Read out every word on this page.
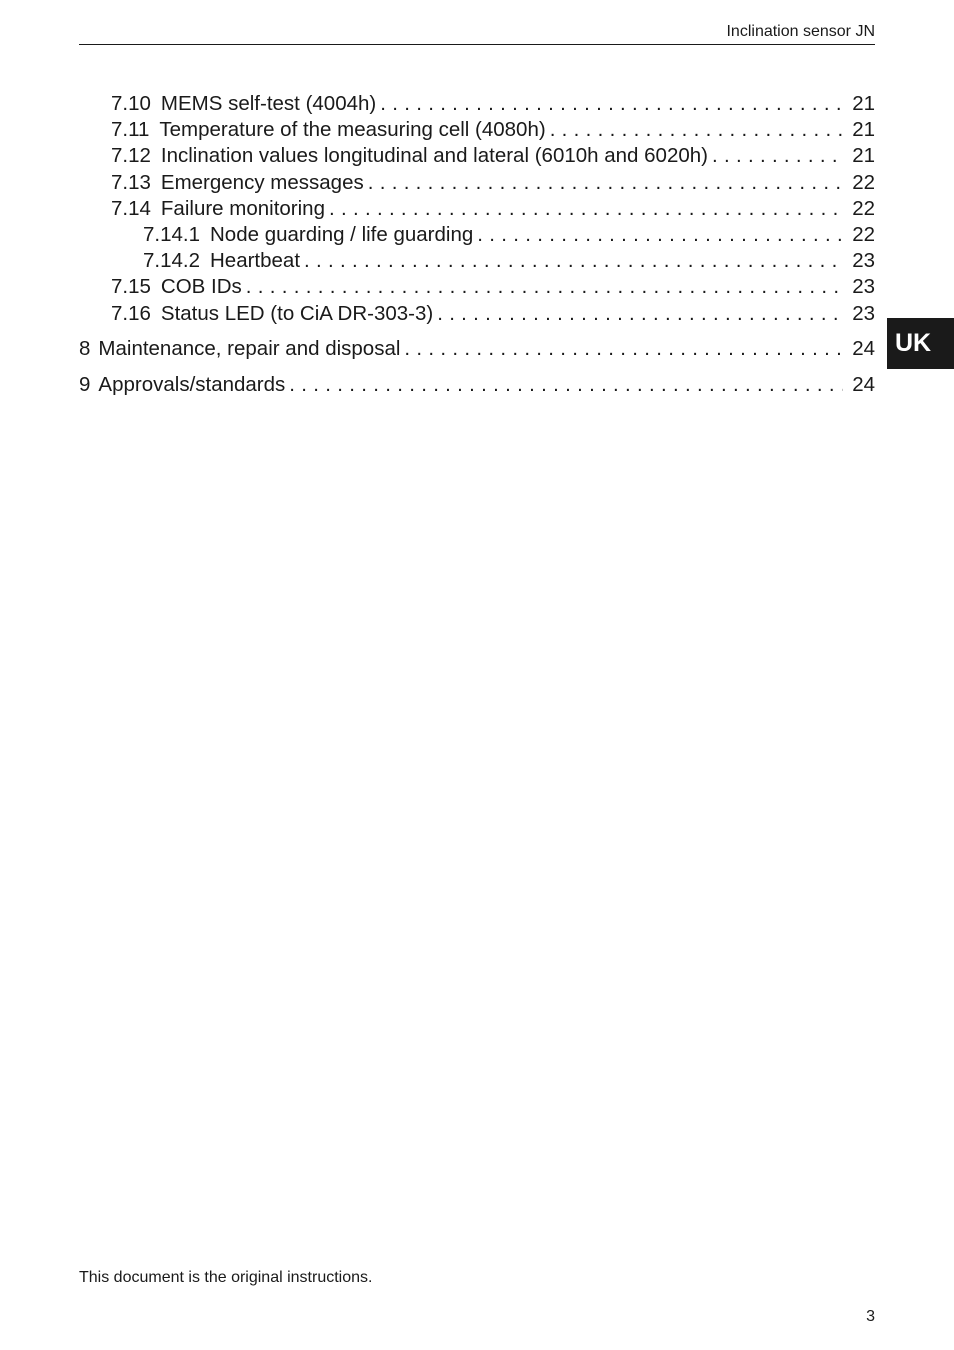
Inclination sensor JN
7.10 MEMS self-test (4004h) . . .	21
7.11 Temperature of the measuring cell (4080h) . . .	21
7.12 Inclination values longitudinal and lateral (6010h and 6020h) . . .	21
7.13 Emergency messages . . .	22
7.14 Failure monitoring . . .	22
7.14.1 Node guarding / life guarding . . .	22
7.14.2 Heartbeat . . .	23
7.15 COB IDs . . .	23
7.16 Status LED (to CiA DR-303-3) . . .	23
8 Maintenance, repair and disposal . . .	24
9 Approvals/standards . . .	24
UK
This document is the original instructions.
3
